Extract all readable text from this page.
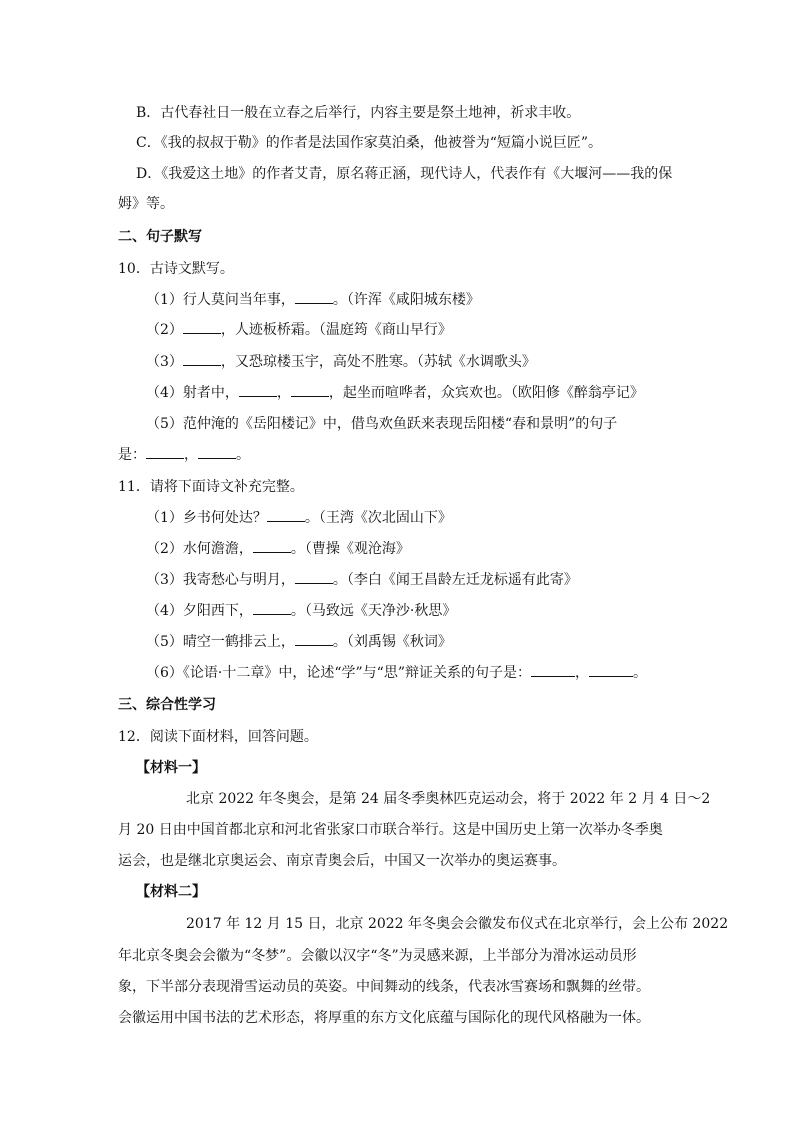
B．古代春社日一般在立春之后举行，内容主要是祭土地神，祈求丰收。
C．《我的叔叔于勒》的作者是法国作家莫泊桑，他被誉为“短篇小说巨匠”。
D．《我爱这土地》的作者艾青，原名蒋正涵，现代诗人，代表作有《大堰河——我的保
姆》等。
二、句子默写
10．古诗文默写。
（1）行人莫问当年事，	。（许浑《咸阳城东楼》
（2）	，人迹板桥霜。（温庭筠《商山早行》
（3）	，又恐琼楼玉宇，高处不胜寒。（苏轼《水调歌头》
（4）射者中，	，	，起坐而喧哗者，众宾欢也。（欧阳修《醉翁亭记》
（5）范仲淹的《岳阳楼记》中，借鸟欢鱼跃来表现岳阳楼“春和景明”的句子
是：	，	。
11．请将下面诗文补充完整。
（1）乡书何处达？	。（王湾《次北固山下》
（2）水何澹澹，	。（曹操《观沧海》
（3）我寄愁心与明月，	。（李白《闻王昌龄左迁龙标遥有此寄》
（4）夕阳西下，	。（马致远《天净沙·秋思》
（5）晴空一鹤排云上，	。（刘禹锡《秋词》
（6）《论语·十二章》中，论述“学”与“思”辩证关系的句子是：	，	。
三、综合性学习
12．阅读下面材料，回答问题。
【材料一】
北京 2022 年冬奥会，是第 24 届冬季奥林匹克运动会，将于 2022 年 2 月 4 日～2
月 20 日由中国首都北京和河北省张家口市联合举行。这是中国历史上第一次举办冬季奥
运会，也是继北京奥运会、南京青奥会后，中国又一次举办的奥运赛事。
【材料二】
2017 年 12 月 15 日，北京 2022 年冬奥会会徽发布仪式在北京举行，会上公布 2022
年北京冬奥会会徽为“冬梦”。会徽以汉字“冬”为灵感来源，上半部分为滑冰运动员形
象，下半部分表现滑雪运动员的英姿。中间舞动的线条，代表冰雪赛场和飘舞的丝带。
会徽运用中国书法的艺术形态，将厚重的东方文化底蕴与国际化的现代风格融为一体。
